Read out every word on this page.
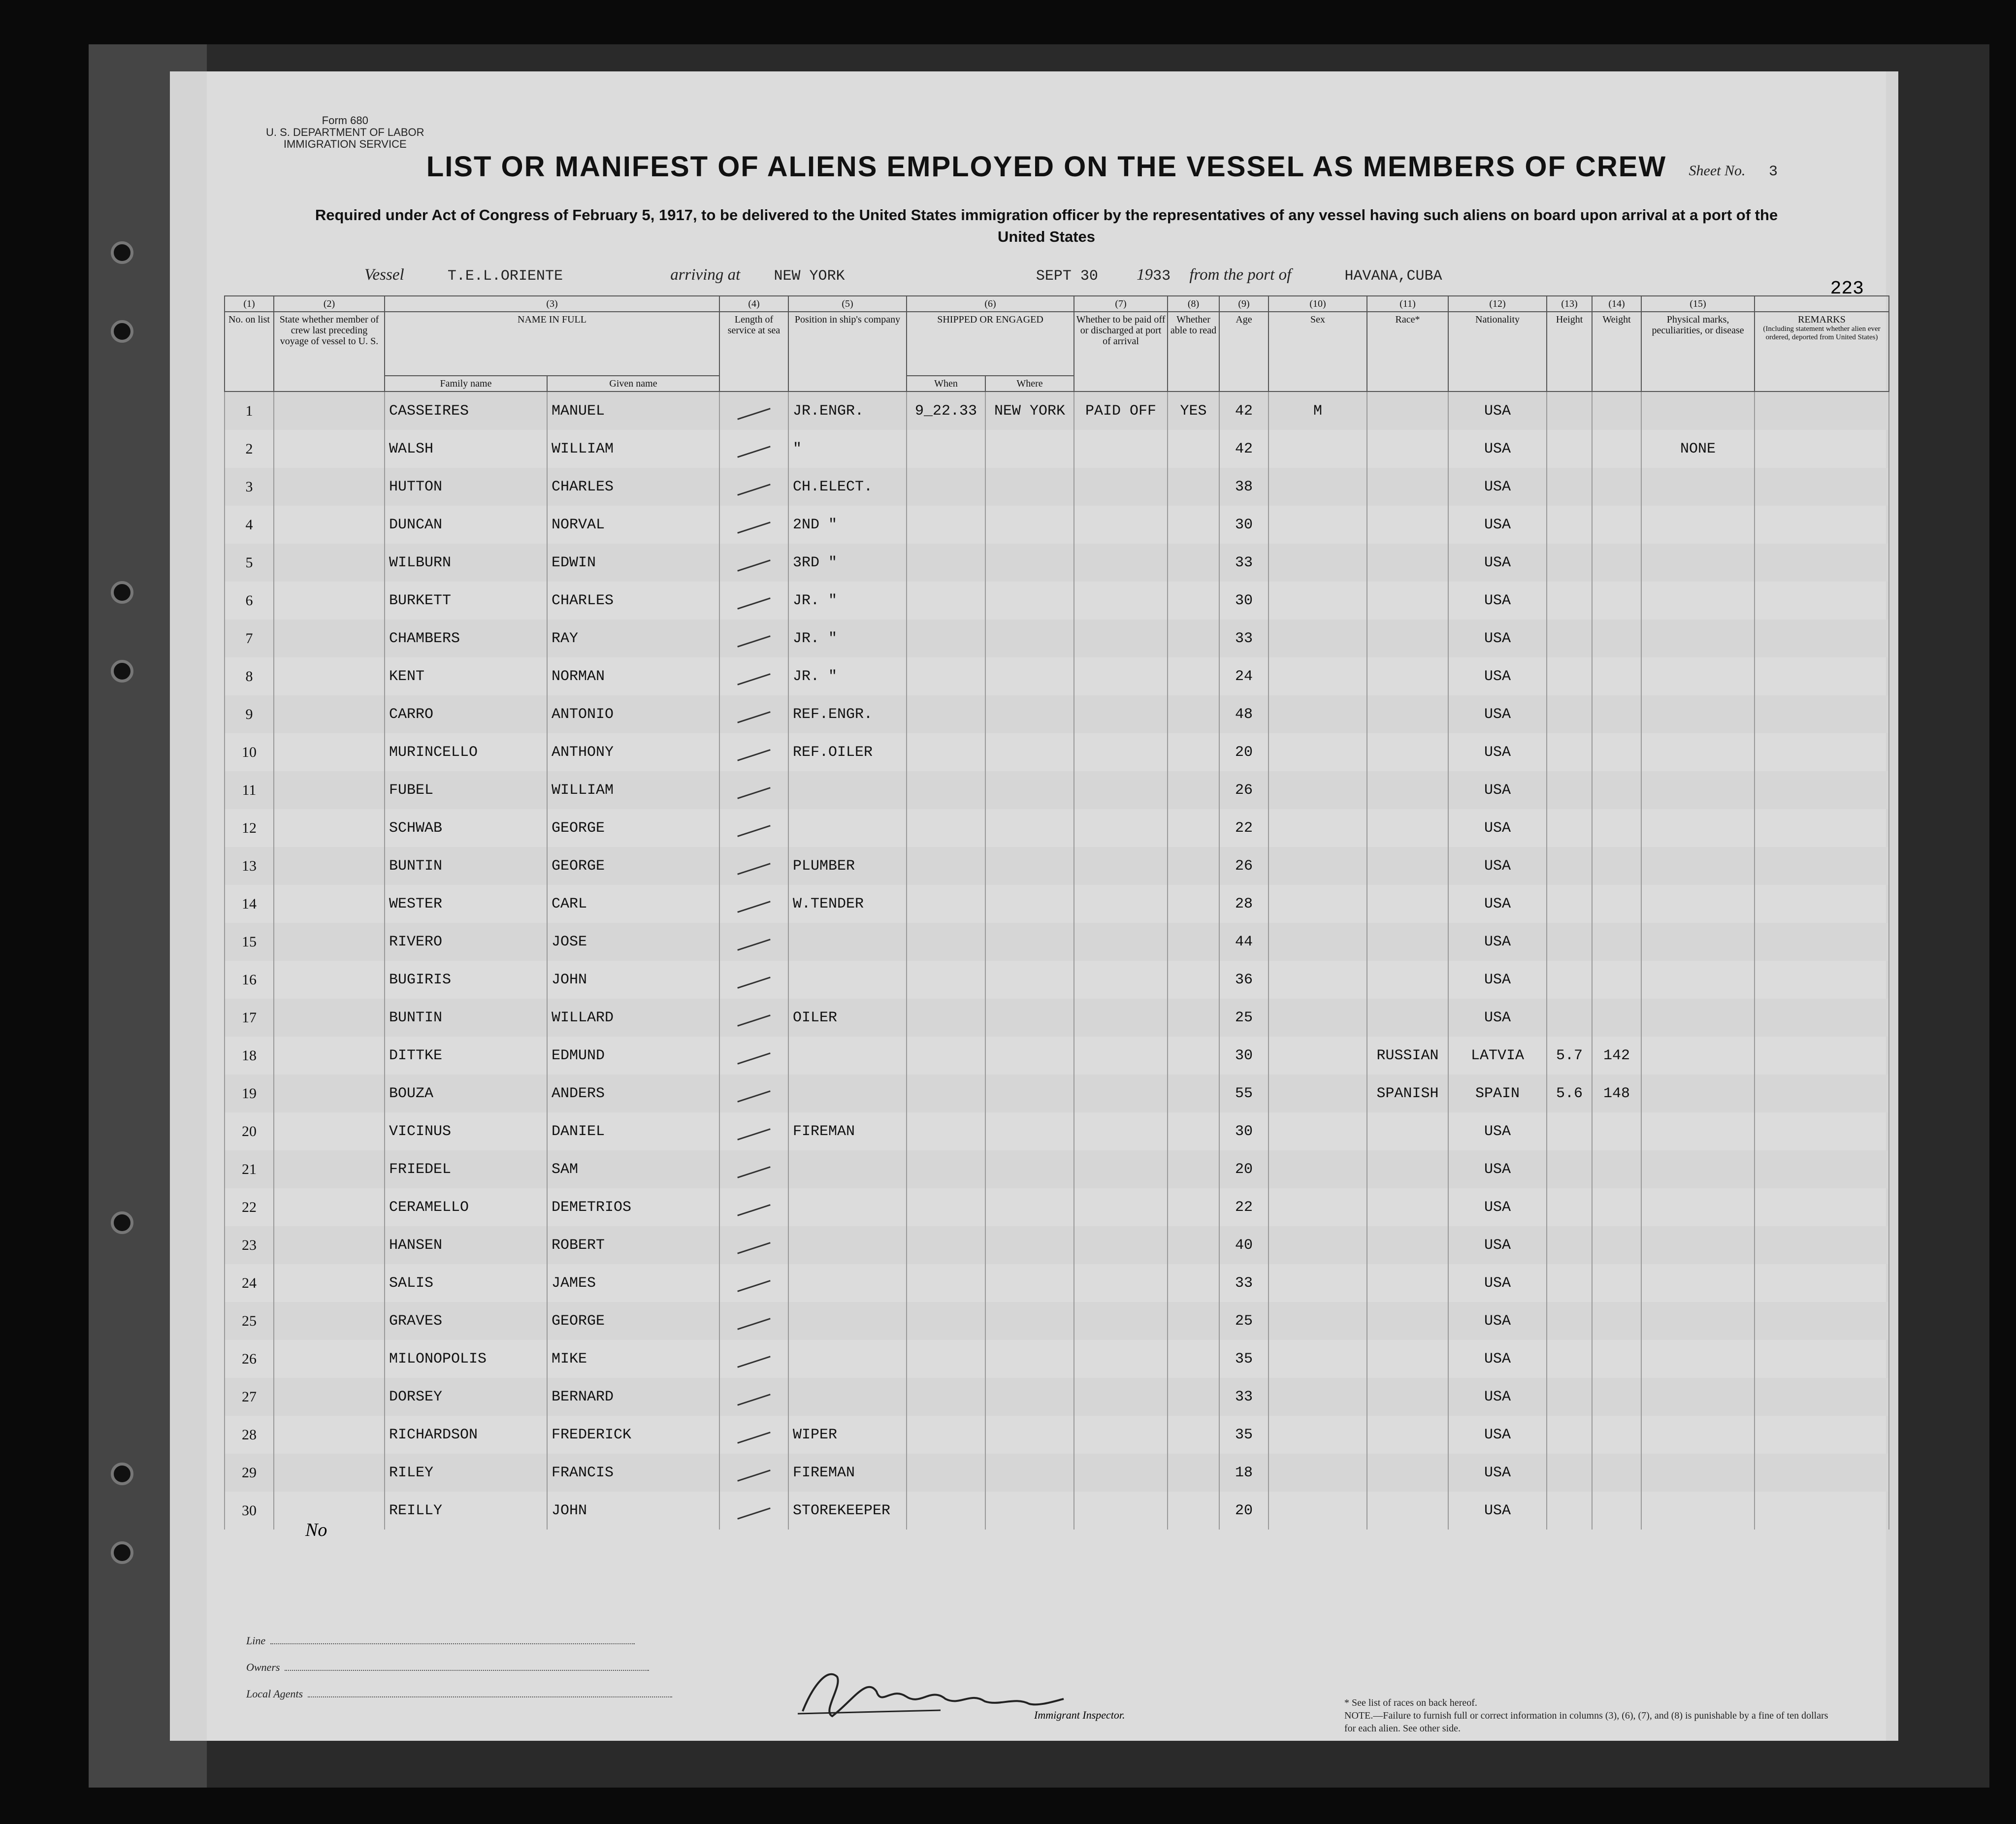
Form 680
U. S. DEPARTMENT OF LABOR
IMMIGRATION SERVICE
Sheet No. 3
LIST OR MANIFEST OF ALIENS EMPLOYED ON THE VESSEL AS MEMBERS OF CREW
Required under Act of Congress of February 5, 1917, to be delivered to the United States immigration officer by the representatives of any vessel having such aliens on board upon arrival at a port of the United States
Vessel	T.E.L.ORIENTE	arriving at NEW YORK	SEPT 30 1933 from the port of	HAVANA,CUBA
223
(1)	(2)	(3)		(4)	(5)	(6)		(7)	(8)	(9)	(10)	(11)	(12)	(13)	(14)	(15)	
No. on list	State whether member of crew last preceding voyage of vessel to U. S.	NAME IN FULL		Length of service at sea	Position in ship's company	SHIPPED OR ENGAGED		Whether to be paid off or discharged at port of arrival	Whether able to read	Age	Sex	Race*	Nationality	Height	Weight	Physical marks, peculiarities, or disease	REMARKS
(Including statement whether alien ever ordered, deported from United States)

		Family name	Given name			When	Where										
1		CASSEIRES	MANUEL		JR.ENGR.	9_22.33	NEW YORK	PAID OFF	YES	42	M		USA				
2		WALSH	WILLIAM		"					42			USA			NONE	
3		HUTTON	CHARLES		CH.ELECT.					38			USA				
4		DUNCAN	NORVAL		2ND "					30			USA				
5		WILBURN	EDWIN		3RD "					33			USA				
6		BURKETT	CHARLES		JR. "					30			USA				
7		CHAMBERS	RAY		JR. "					33			USA				
8		KENT	NORMAN		JR. "					24			USA				
9		CARRO	ANTONIO		REF.ENGR.					48			USA				
10		MURINCELLO	ANTHONY		REF.OILER					20			USA				
11		FUBEL	WILLIAM							26			USA				
12		SCHWAB	GEORGE							22			USA				
13		BUNTIN	GEORGE		PLUMBER					26			USA				
14		WESTER	CARL		W.TENDER					28			USA				
15		RIVERO	JOSE							44			USA				
16		BUGIRIS	JOHN							36			USA				
17		BUNTIN	WILLARD		OILER					25			USA				
18		DITTKE	EDMUND							30		RUSSIAN	LATVIA	5.7	142		
19		BOUZA	ANDERS							55		SPANISH	SPAIN	5.6	148		
20		VICINUS	DANIEL		FIREMAN					30			USA				
21		FRIEDEL	SAM							20			USA				
22		CERAMELLO	DEMETRIOS							22			USA				
23		HANSEN	ROBERT							40			USA				
24		SALIS	JAMES							33			USA				
25		GRAVES	GEORGE							25			USA				
26		MILONOPOLIS	MIKE							35			USA				
27		DORSEY	BERNARD							33			USA				
28		RICHARDSON	FREDERICK		WIPER					35			USA				
29		RILEY	FRANCIS		FIREMAN					18			USA				
30		REILLY	JOHN		STOREKEEPER					20			USA				
No
Line
Owners
Local Agents
Immigrant Inspector.
* See list of races on back hereof.
NOTE.—Failure to furnish full or correct information in columns (3), (6), (7), and (8) is punishable by a fine of ten dollars for each alien. See other side.
